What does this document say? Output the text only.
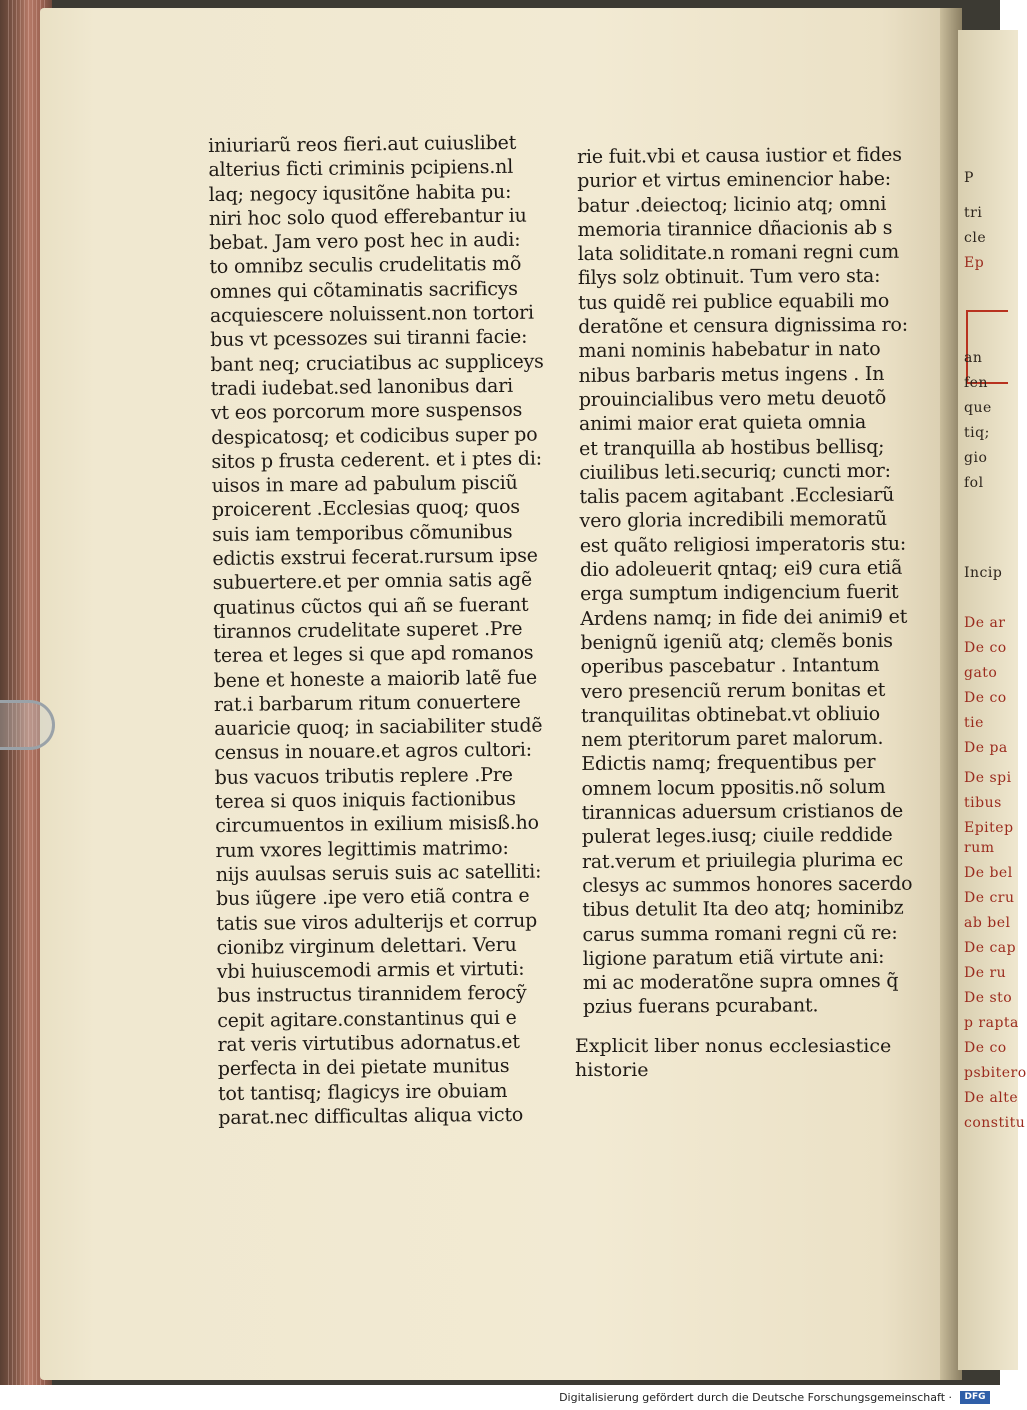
P
tri
cle
Ep
an
fen
que
tiq;
gio
fol
Incip
De ar
De co
gato
De co
tie
De pa
De spi
tibus
Epitep
rum
De bel
De cru
ab bel
De cap
De ru
De sto
p rapta
De co
psbitero
De alte
constitu
iniuriarũ reos fieri.aut cuiuslibet
alterius ficti criminis pcipiens.nl
laq; negocy iqusitõne habita pu:
niri hoc solo quod efferebantur iu
bebat. Jam vero post hec in audi:
to omnibz seculis crudelitatis mõ
omnes qui cõtaminatis sacrificys
acquiescere noluissent.non tortori
bus vt pcessozes sui tiranni facie:
bant neq; cruciatibus ac suppliceys
tradi iudebat.sed lanonibus dari
vt eos porcorum more suspensos
despicatosq; et codicibus super po
sitos p frusta cederent. et i ptes di:
uisos in mare ad pabulum pisciũ
proicerent .Ecclesias quoq; quos
suis iam temporibus cõmunibus
edictis exstrui fecerat.rursum ipse
subuertere.et per omnia satis agẽ
quatinus cũctos qui añ se fuerant
tirannos crudelitate superet .Pre
terea et leges si que apd romanos
bene et honeste a maiorib latẽ fue
rat.i barbarum ritum conuertere
auaricie quoq; in saciabiliter studẽ
census in nouare.et agros cultori:
bus vacuos tributis replere .Pre
terea si quos iniquis factionibus
circumuentos in exilium misisß.ho
rum vxores legittimis matrimo:
nijs auulsas seruis suis ac satelliti:
bus iũgere .ipe vero etiã contra e
tatis sue viros adulterijs et corrup
cionibz virginum delettari. Veru
vbi huiuscemodi armis et virtuti:
bus instructus tirannidem ferocỹ
cepit agitare.constantinus qui e
rat veris virtutibus adornatus.et
perfecta in dei pietate munitus
tot tantisq; flagicys ire obuiam
parat.nec difficultas aliqua victo
rie fuit.vbi et causa iustior et fides
purior et virtus eminencior habe:
batur .deiectoq; licinio atq; omni
memoria tirannice dñacionis ab s
lata soliditate.n romani regni cum
filys solz obtinuit. Tum vero sta:
tus quidẽ rei publice equabili mo
deratõne et censura dignissima ro:
mani nominis habebatur in nato
nibus barbaris metus ingens . In
prouincialibus vero metu deuotõ
animi maior erat quieta omnia
et tranquilla ab hostibus bellisq;
ciuilibus leti.securiq; cuncti mor:
talis pacem agitabant .Ecclesiarũ
vero gloria incredibili memoratũ
est quãto religiosi imperatoris stu:
dio adoleuerit qntaq; ei9 cura etiã
erga sumptum indigencium fuerit
Ardens namq; in fide dei animi9 et
benignũ igeniũ atq; clemẽs bonis
operibus pascebatur . Intantum
vero presenciũ rerum bonitas et
tranquilitas obtinebat.vt obliuio
nem pteritorum paret malorum.
Edictis namq; frequentibus per
omnem locum ppositis.nõ solum
tirannicas aduersum cristianos de
pulerat leges.iusq; ciuile reddide
rat.verum et priuilegia plurima ec
clesys ac summos honores sacerdo
tibus detulit Ita deo atq; hominibz
carus summa romani regni cũ re:
ligione paratum etiã virtute ani:
mi ac moderatõne supra omnes q̃
pzius fuerans pcurabant.
Explicit liber nonus ecclesiastice
historie
Digitalisierung gefördert durch die Deutsche Forschungsgemeinschaft ·	DFG
